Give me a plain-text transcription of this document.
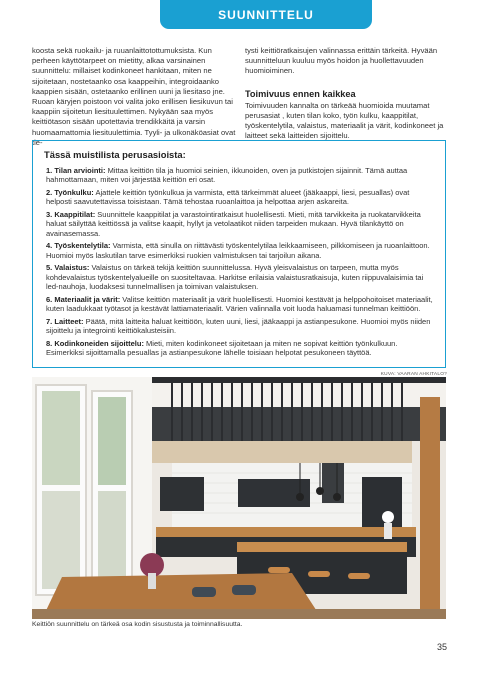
SUUNNITTELU

koosta sekä ruokailu- ja ruuanlaittotottumuksista. Kun perheen käyttötarpeet on mietitty, alkaa varsinainen suunnittelu: millaiset kodinkoneet hankitaan, miten ne sijoitetaan, nostetaanko osa kaappeihin, integroidaanko kaappien sisään, ostetaanko erillinen uuni ja liesitaso jne. Ruoan käryjen poistoon voi valita joko erillisen liesikuvun tai kaappiin sijoitetun liesituulettimen. Nykyään saa myös keittiötason sisään upotettavia trendikkäitä ja varsin huomaamattomia liesituulettimia. Tyyli- ja ulkonäköasiat ovat tie-

tysti keittiöratkaisujen valinnassa erittäin tärkeitä. Hyvään suunnitteluun kuuluu myös hoidon ja huollettavuuden huomioiminen.

Toimivuus ennen kaikkea

Toimivuuden kannalta on tärkeää huomioida muutamat perusasiat , kuten tilan koko, työn kulku, kaappitilat, työskentelytila, valaistus, materiaalit ja värit, kodinkoneet ja laitteet sekä laitteiden sijoittelu.

Tässä muistilista perusasioista:
1. Tilan arviointi: Mittaa keittiön tila ja huomioi seinien, ikkunoiden, oven ja putkistojen sijainnit. Tämä auttaa hahmottamaan, miten voi järjestää keittiön eri osat.
2. Työnkulku: Ajattele keittiön työnkulkua ja varmista, että tärkeimmät alueet (jääkaappi, liesi, pesuallas) ovat helposti saavutettavissa toisistaan. Tämä tehostaa ruoanlaittoa ja helpottaa arjen askareita.
3. Kaappitilat: Suunnittele kaappitilat ja varastointiratkaisut huolellisesti. Mieti, mitä tarvikkeita ja ruokatarvikkeita haluat säilyttää keittiössä ja valitse kaapit, hyllyt ja vetolaatikot niiden tarpeiden mukaan. Hyvä tilankäyttö on avainasemassa.
4. Työskentelytila: Varmista, että sinulla on riittävästi työskentelytilaa leikkaamiseen, pilkkomiseen ja ruoanlaittoon. Huomioi myös laskutilan tarve esimerkiksi ruokien valmistuksen tai tarjoilun aikana.
5. Valaistus: Valaistus on tärkeä tekijä keittiön suunnittelussa. Hyvä yleisvalaistus on tarpeen, mutta myös kohdevalaistus työskentelyalueille on suositeltavaa. Harkitse erilaisia valaistusratkaisuja, kuten riippuvalaisimia tai led-nauhoja, luodaksesi tunnelmallisen ja toimivan valaistuksen.
6. Materiaalit ja värit: Valitse keittiön materiaalit ja värit huolellisesti. Huomioi kestävät ja helppohoitoiset materiaalit, kuten laadukkaat työtasot ja kestävät lattiamateriaalit. Värien valinnalla voit luoda haluamasi tunnelman keittiöön.
7. Laitteet: Päätä, mitä laitteita haluat keittiöön, kuten uuni, liesi, jääkaappi ja astianpesukone. Huomioi myös niiden sijoittelu ja integrointi keittiökalusteisiin.
8. Kodinkoneiden sijoittelu: Mieti, miten kodinkoneet sijoitetaan ja miten ne sopivat keittiön työnkulkuun. Esimerkiksi sijoittamalla pesuallas ja astianpesukone lähelle toisiaan helpotat pesukoneen täyttöä.
KUVA: VAARAN AHKITALO?
Keittiön suunnittelu on tärkeä osa kodin sisustusta ja toiminnallisuutta.
35
